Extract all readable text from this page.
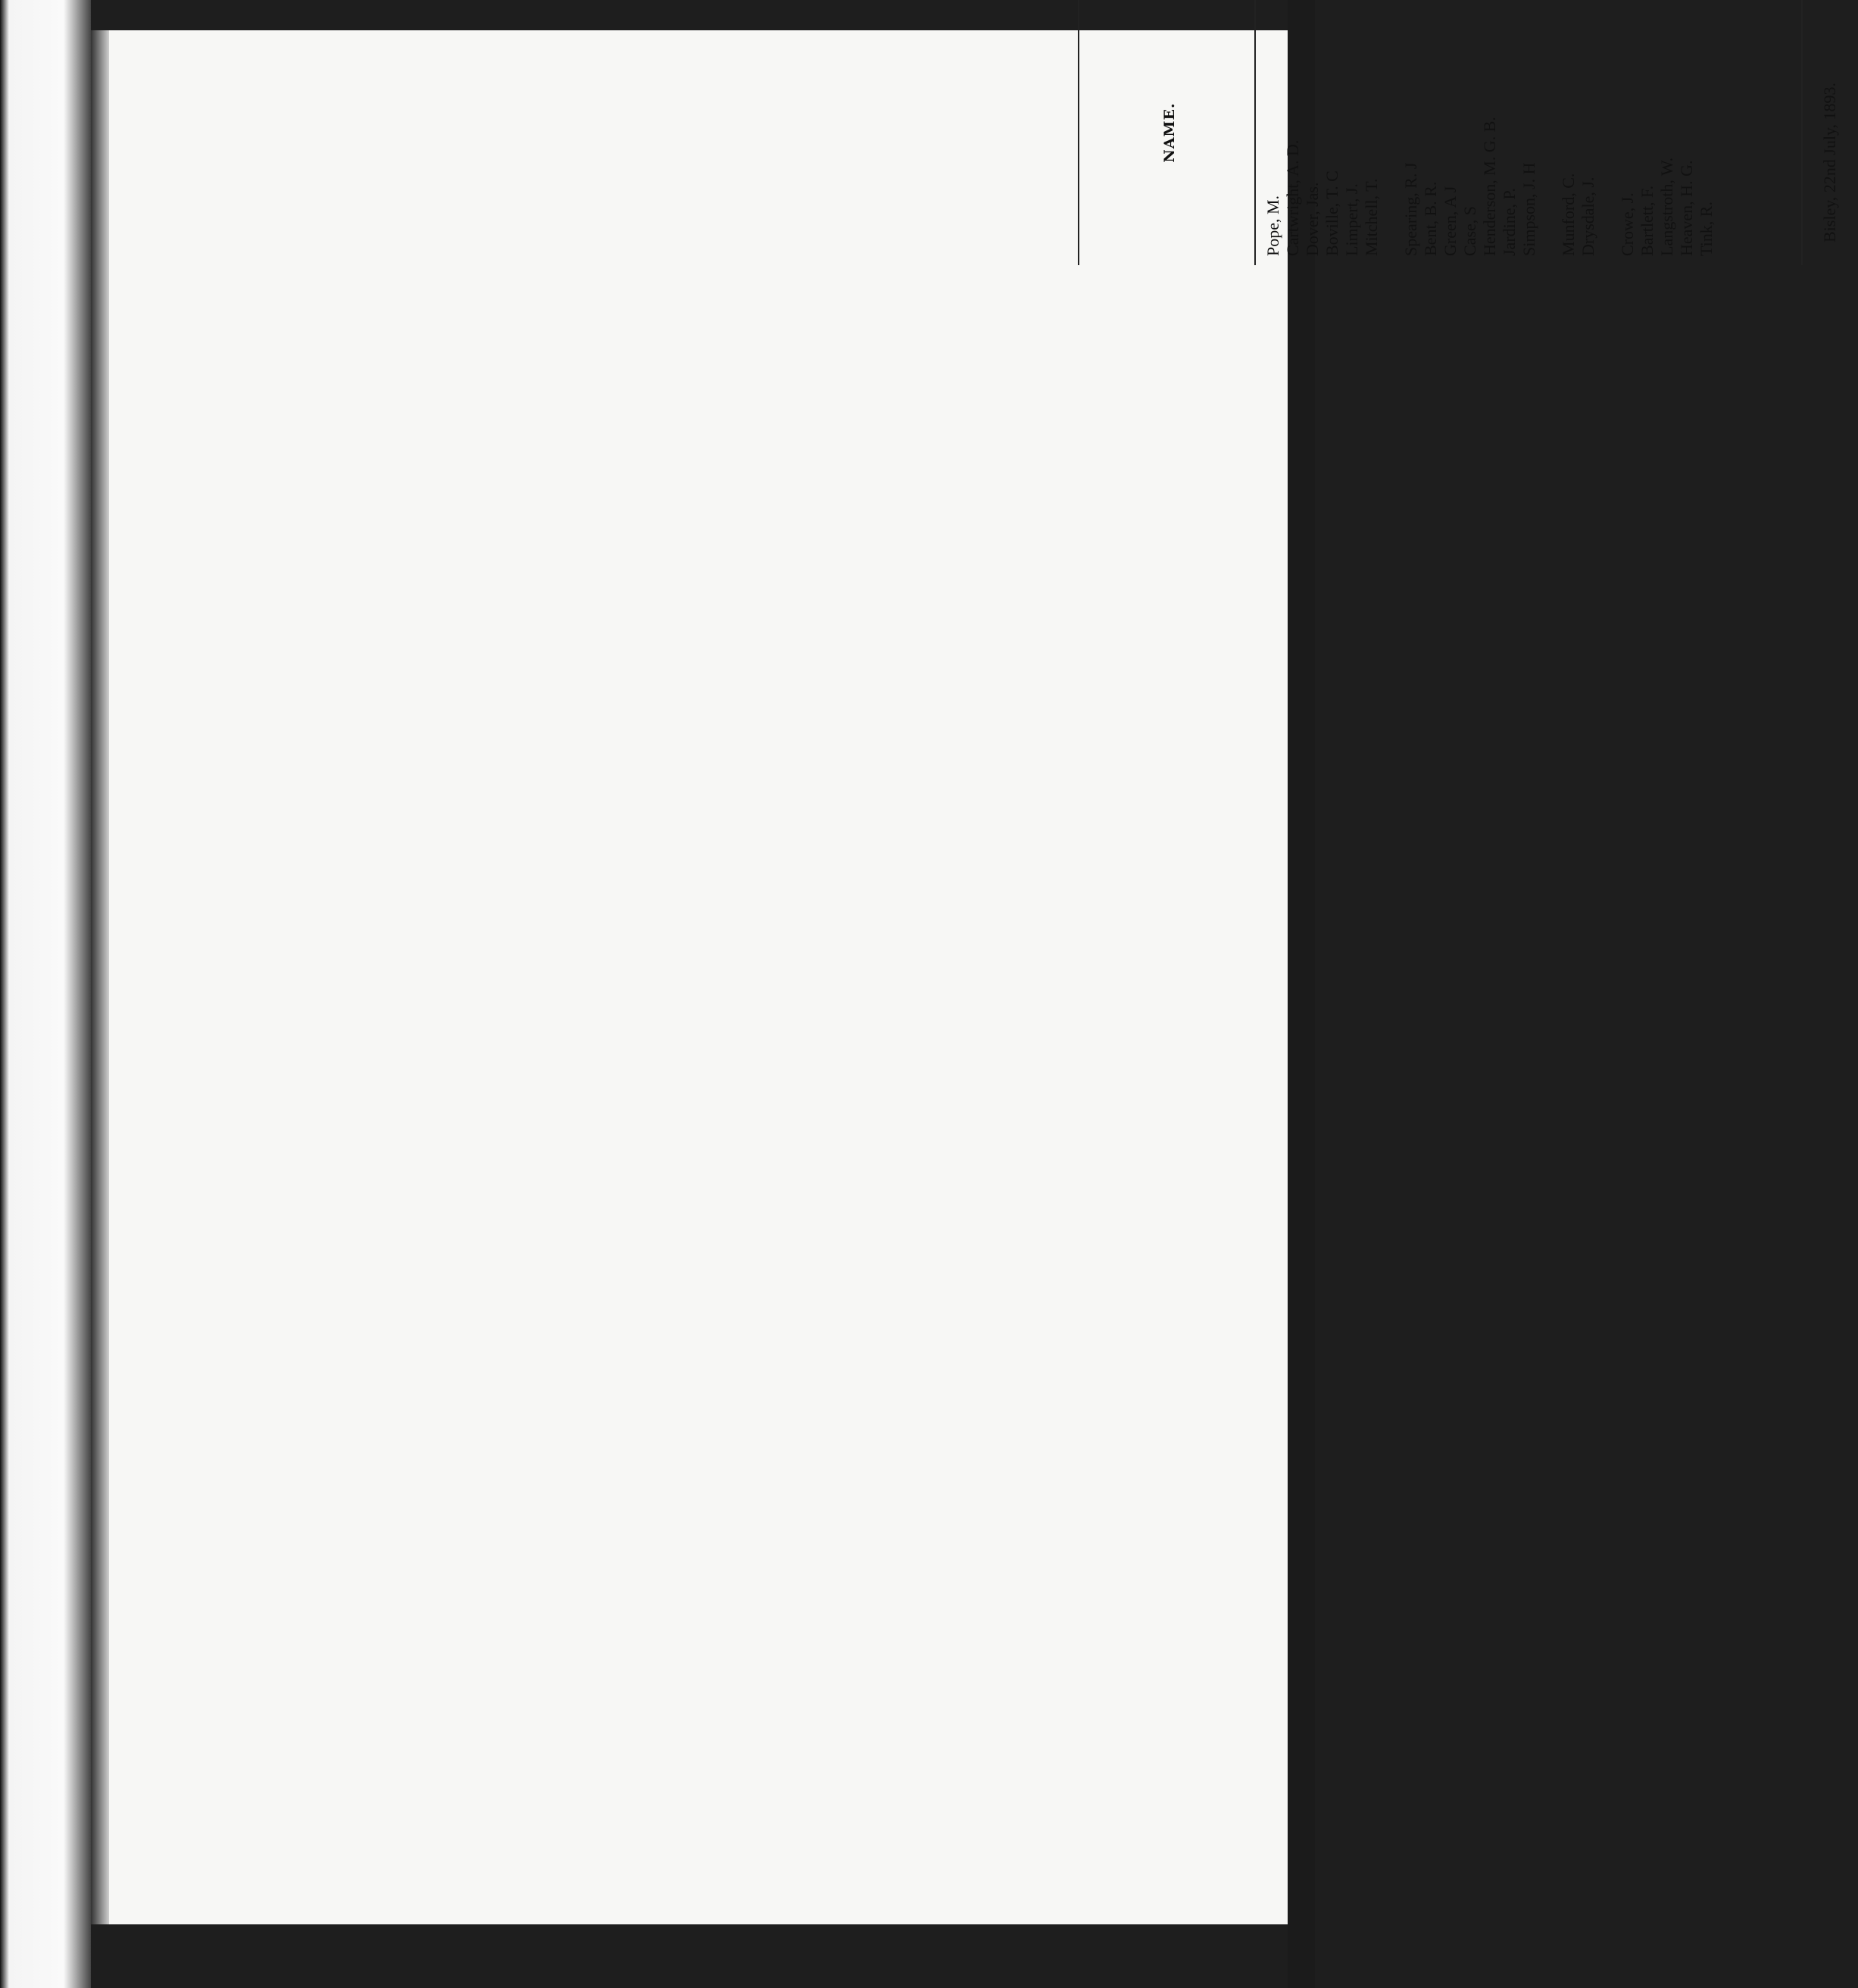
NAME.
Pope, M. Cartwright, A. D. Dover, Jas. Boville, T. C Limpert, J. Mitchell, T. Spearing, R. J Bent, B. R. Green, A J Case, S Henderson, M. G. B. Jardine, P. Simpson, J. H Munford, C. Drysdale, J. Crowe, J. Bartlett, F. Langstroth, W. Heaven, H. G. Tink, R.	Bisley, 22nd July, 1893.
